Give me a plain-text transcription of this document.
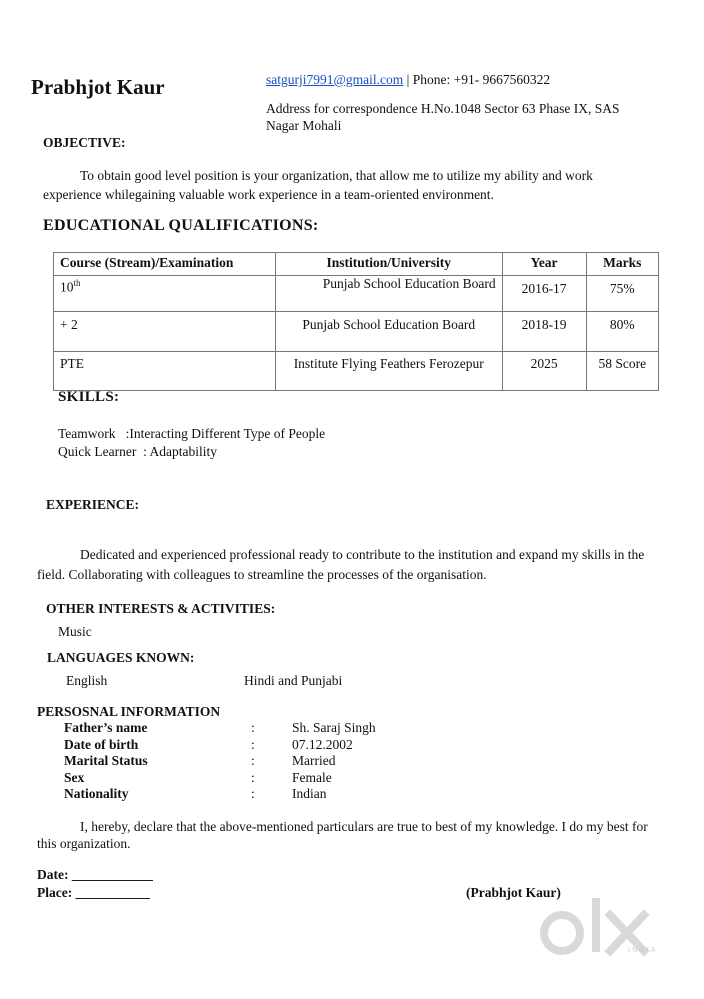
Prabhjot Kaur	satgurji7991@gmail.com | Phone: +91- 9667560322
Address for correspondence H.No.1048 Sector 63 Phase IX, SAS Nagar Mohali
OBJECTIVE:
To obtain good level position is your organization, that allow me to utilize my ability and work experience whilegaining valuable work experience in a team-oriented environment.
EDUCATIONAL QUALIFICATIONS:
Course (Stream)/Examination	Institution/University	Year	Marks
10th	Punjab School Education Board	2016-17	75%
+ 2	Punjab School Education Board	2018-19	80%
PTE	Institute Flying Feathers Ferozepur	2025	58 Score
SKILLS:
Teamwork   :Interacting Different Type of People
Quick Learner  : Adaptability
EXPERIENCE:
Dedicated and experienced professional ready to contribute to the institution and expand my skills in the field. Collaborating with colleagues to streamline the processes of the organisation.
OTHER INTERESTS & ACTIVITIES:
Music
LANGUAGES KNOWN:
English	Hindi and Punjabi
PERSOSNAL INFORMATION
Father’s name	:	Sh. Saraj Singh
Date of birth	:	07.12.2002
Marital Status	:	Married
Sex	:	Female
Nationality	:	Indian
I, hereby, declare that the above-mentioned particulars are true to best of my knowledge. I do my best for this organization.
Date: ____________
Place: ___________	(Prabhjot Kaur)
INDIA
